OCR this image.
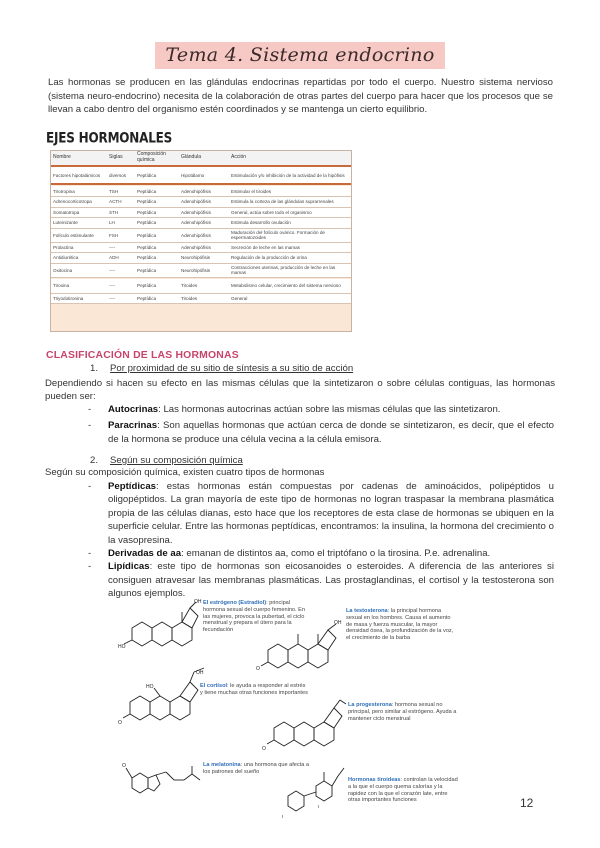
Tema 4. Sistema endocrino

Las hormonas se producen en las glándulas endocrinas repartidas por todo el cuerpo. Nuestro sistema nervioso (sistema neuro-endocrino) necesita de la colaboración de otras partes del cuerpo para hacer que los procesos que se llevan a cabo dentro del organismo estén coordinados y se mantenga un cierto equilibrio.

EJES HORMONALES
Nombre	Siglas	Composición química	Glándula	Acción
Factores hipotalámicos	diversos	Peptídica	Hipotálamo	Estimulación y/o inhibición de la actividad de la hipófisis

Tirotropina	TSH	Peptídica	Adenohipófisis	Estimular el tiroides
Adrenocorticotropa	ACTH	Peptídica	Adenohipófisis	Estimula la corteza de las glándulas suprarrenales
Somatotropa	STH	Peptídica	Adenohipófisis	General, actúa sobre todo el organismo
Luteinizante	LH	Peptídica	Adenohipófisis	Estimula desarrollo ovulación
Folículo estimulante	FSH	Peptídica	Adenohipófisis	Maduración del folículo ovárico. Formación de espermatozoides
Prolactina	----	Peptídica	Adenohipófisis	Secreción de leche en las mamas
Antidiurética	ADH	Peptídica	Neurohipófisis	Regulación de la producción de orina
Oxitocina	----	Peptídica	Neurohipófisis	Contracciones uterinas, producción de leche en las mamas

Tiroxina	----	Peptídica	Tiroides	Metabolismo celular, crecimiento del sistema nervioso
Triyodotironina	----	Peptídica	Tiroides	General
CLASIFICACIÓN DE LAS HORMONAS
1. Por proximidad de su sitio de síntesis a su sitio de acción

Dependiendo si hacen su efecto en las mismas células que la sintetizaron o sobre células contiguas, las hormonas pueden ser:

- Autocrinas: Las hormonas autocrinas actúan sobre las mismas células que las sintetizaron.
- Paracrinas: Son aquellas hormonas que actúan cerca de donde se sintetizaron, es decir, que el efecto de la hormona se produce una célula vecina a la célula emisora.
2. Según su composición química

Según su composición química, existen cuatro tipos de hormonas

- Peptídicas: estas hormonas están compuestas por cadenas de aminoácidos, polipéptidos u oligopéptidos. La gran mayoría de este tipo de hormonas no logran traspasar la membrana plasmática propia de las células dianas, esto hace que los receptores de esta clase de hormonas se ubiquen en la superficie celular. Entre las hormonas peptídicas, encontramos: la insulina, la hormona del crecimiento o la vasopresina.
- Derivadas de aa: emanan de distintos aa, como el triptófano o la tirosina. P.e. adrenalina.
- Lipídicas: este tipo de hormonas son eicosanoides o esteroides. A diferencia de las anteriores si consiguen atravesar las membranas plasmáticas. Las prostaglandinas, el cortisol y la testosterona son algunos ejemplos.
HO
OH El estrógeno (Estradiol): principal hormona sexual del cuerpo femenino. En las mujeres, provoca la pubertad, el ciclo menstrual y prepara el útero para la fecundación
O
OH
La testosterona: la principal hormona sexual en los hombres. Causa el aumento de masa y fuerza muscular, la mayor densidad ósea, la profundización de la voz, el crecimiento de la barba
O
HO
OH
El cortisol: le ayuda a responder al estrés y tiene muchas otras funciones importantes
O
La progesterona: hormona sexual no principal, pero similar al estrógeno. Ayuda a mantener ciclo menstrual
O	La melatonina: una hormona que afecta a los patrones del sueño
I
I
Hormonas tiroideas: controlan la velocidad a la que el cuerpo quema calorías y la rapidez con la que el corazón late, entre otras importantes funciones	12
